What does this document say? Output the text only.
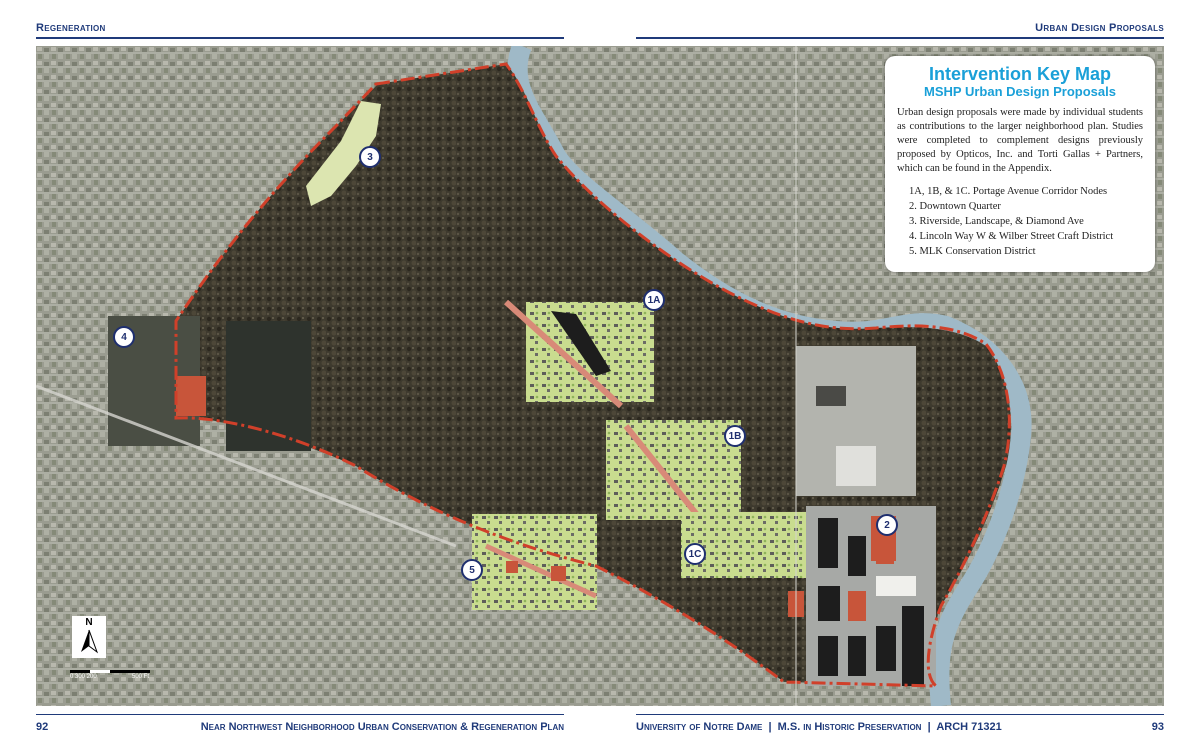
Regeneration	Urban Design Proposals
1A
1B
1C
2
3
4
5
N
0 300 200	500 Ft
Intervention Key Map
MSHP Urban Design Proposals
Urban design proposals were made by individual students as contributions to the larger neighborhood plan. Studies were completed to complement designs previously proposed by Opticos, Inc. and Torti Gallas + Partners, which can be found in the Appendix.
1A, 1B, & 1C. Portage Avenue Corridor Nodes
2. Downtown Quarter
3. Riverside, Landscape, & Diamond Ave
4. Lincoln Way W & Wilber Street Craft District
5. MLK Conservation District
92	Near Northwest Neighborhood Urban Conservation & Regeneration Plan	University of Notre Dame  |  M.S. in Historic Preservation  |  ARCH 71321	93
